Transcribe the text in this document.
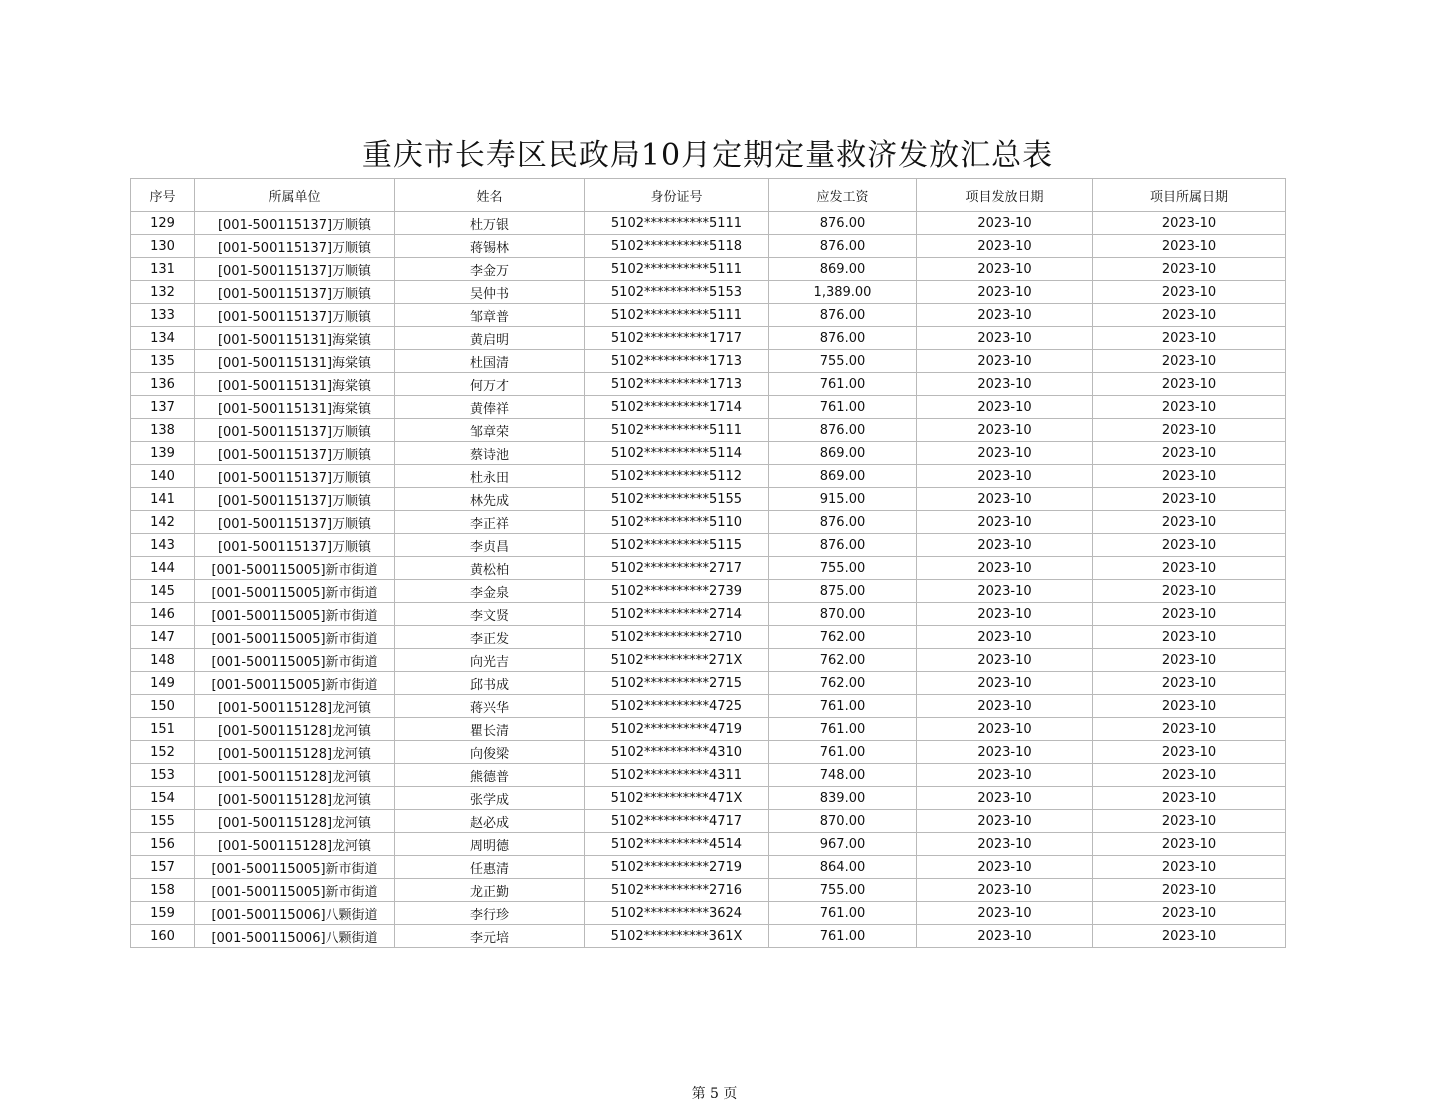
重庆市长寿区民政局10月定期定量救济发放汇总表
序号	所属单位	姓名	身份证号	应发工资	项目发放日期	项目所属日期
129	[001-500115137]万顺镇	杜万银	5102**********5111	876.00	2023-10	2023-10
130	[001-500115137]万顺镇	蒋锡林	5102**********5118	876.00	2023-10	2023-10
131	[001-500115137]万顺镇	李金万	5102**********5111	869.00	2023-10	2023-10
132	[001-500115137]万顺镇	吴仲书	5102**********5153	1,389.00	2023-10	2023-10
133	[001-500115137]万顺镇	邹章普	5102**********5111	876.00	2023-10	2023-10
134	[001-500115131]海棠镇	黄启明	5102**********1717	876.00	2023-10	2023-10
135	[001-500115131]海棠镇	杜国清	5102**********1713	755.00	2023-10	2023-10
136	[001-500115131]海棠镇	何万才	5102**********1713	761.00	2023-10	2023-10
137	[001-500115131]海棠镇	黄俸祥	5102**********1714	761.00	2023-10	2023-10
138	[001-500115137]万顺镇	邹章荣	5102**********5111	876.00	2023-10	2023-10
139	[001-500115137]万顺镇	蔡诗池	5102**********5114	869.00	2023-10	2023-10
140	[001-500115137]万顺镇	杜永田	5102**********5112	869.00	2023-10	2023-10
141	[001-500115137]万顺镇	林先成	5102**********5155	915.00	2023-10	2023-10
142	[001-500115137]万顺镇	李正祥	5102**********5110	876.00	2023-10	2023-10
143	[001-500115137]万顺镇	李贞昌	5102**********5115	876.00	2023-10	2023-10
144	[001-500115005]新市街道	黄松柏	5102**********2717	755.00	2023-10	2023-10
145	[001-500115005]新市街道	李金泉	5102**********2739	875.00	2023-10	2023-10
146	[001-500115005]新市街道	李文贤	5102**********2714	870.00	2023-10	2023-10
147	[001-500115005]新市街道	李正发	5102**********2710	762.00	2023-10	2023-10
148	[001-500115005]新市街道	向光吉	5102**********271X	762.00	2023-10	2023-10
149	[001-500115005]新市街道	邱书成	5102**********2715	762.00	2023-10	2023-10
150	[001-500115128]龙河镇	蒋兴华	5102**********4725	761.00	2023-10	2023-10
151	[001-500115128]龙河镇	瞿长清	5102**********4719	761.00	2023-10	2023-10
152	[001-500115128]龙河镇	向俊梁	5102**********4310	761.00	2023-10	2023-10
153	[001-500115128]龙河镇	熊德普	5102**********4311	748.00	2023-10	2023-10
154	[001-500115128]龙河镇	张学成	5102**********471X	839.00	2023-10	2023-10
155	[001-500115128]龙河镇	赵必成	5102**********4717	870.00	2023-10	2023-10
156	[001-500115128]龙河镇	周明德	5102**********4514	967.00	2023-10	2023-10
157	[001-500115005]新市街道	任惠清	5102**********2719	864.00	2023-10	2023-10
158	[001-500115005]新市街道	龙正勤	5102**********2716	755.00	2023-10	2023-10
159	[001-500115006]八颗街道	李行珍	5102**********3624	761.00	2023-10	2023-10
160	[001-500115006]八颗街道	李元培	5102**********361X	761.00	2023-10	2023-10
第 5 页
